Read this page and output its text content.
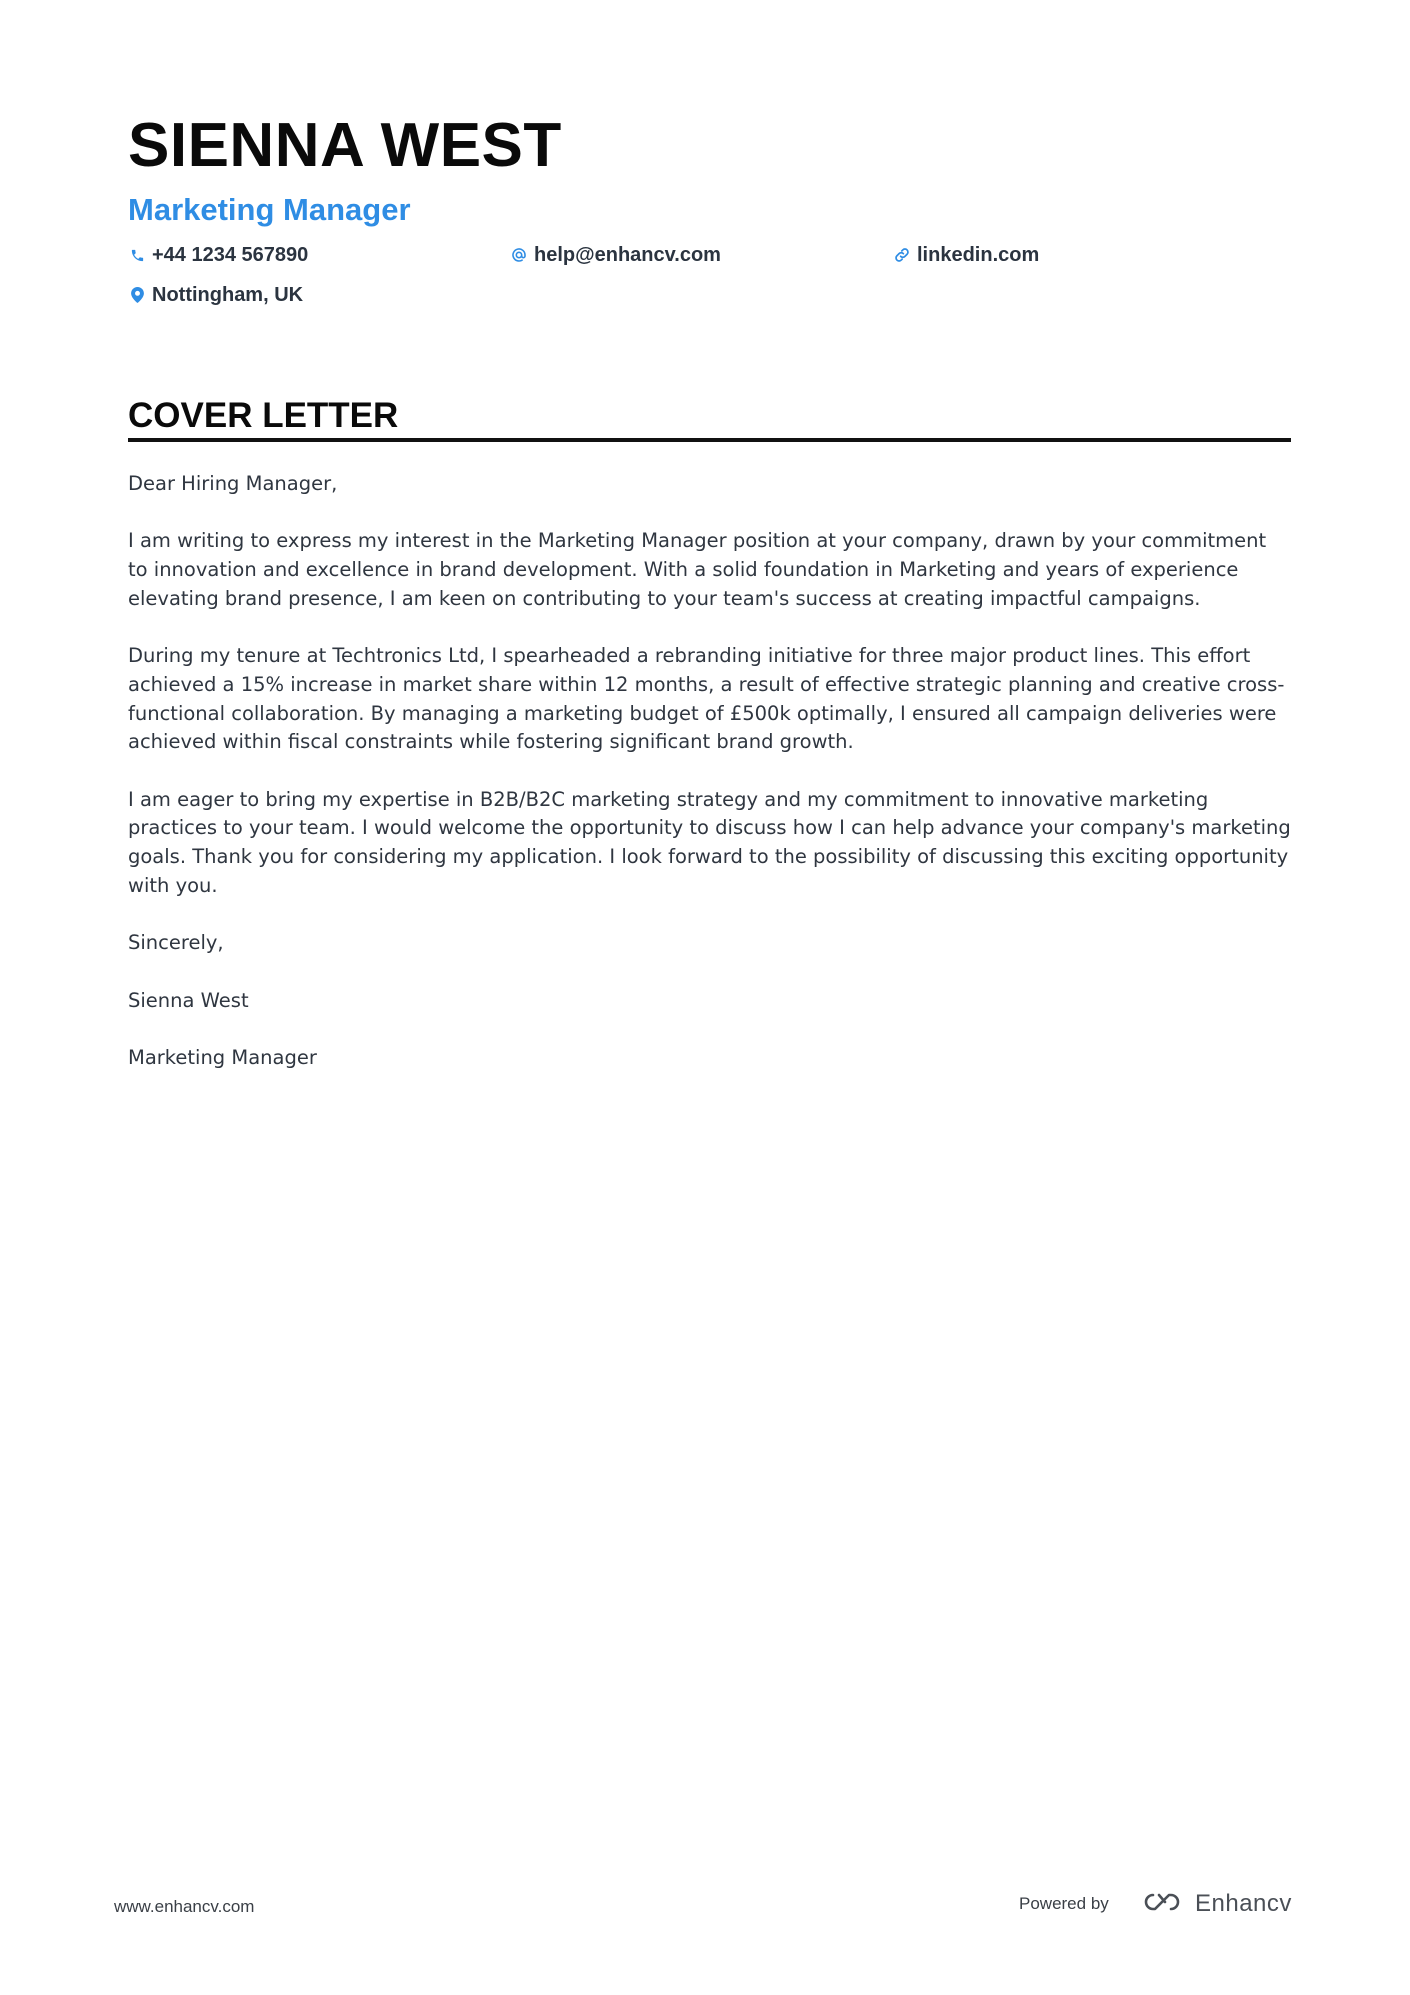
SIENNA WEST
Marketing Manager
+44 1234 567890	help@enhancv.com	linkedin.com
Nottingham, UK
COVER LETTER

Dear Hiring Manager,

I am writing to express my interest in the Marketing Manager position at your company, drawn by your commitment to innovation and excellence in brand development. With a solid foundation in Marketing and years of experience elevating brand presence, I am keen on contributing to your team's success at creating impactful campaigns.

During my tenure at Techtronics Ltd, I spearheaded a rebranding initiative for three major product lines. This effort achieved a 15% increase in market share within 12 months, a result of effective strategic planning and creative cross-functional collaboration. By managing a marketing budget of £500k optimally, I ensured all campaign deliveries were achieved within fiscal constraints while fostering significant brand growth.

I am eager to bring my expertise in B2B/B2C marketing strategy and my commitment to innovative marketing practices to your team. I would welcome the opportunity to discuss how I can help advance your company's marketing goals. Thank you for considering my application. I look forward to the possibility of discussing this exciting opportunity with you.

Sincerely,

Sienna West

Marketing Manager

www.enhancv.com	Powered by	Enhancv
